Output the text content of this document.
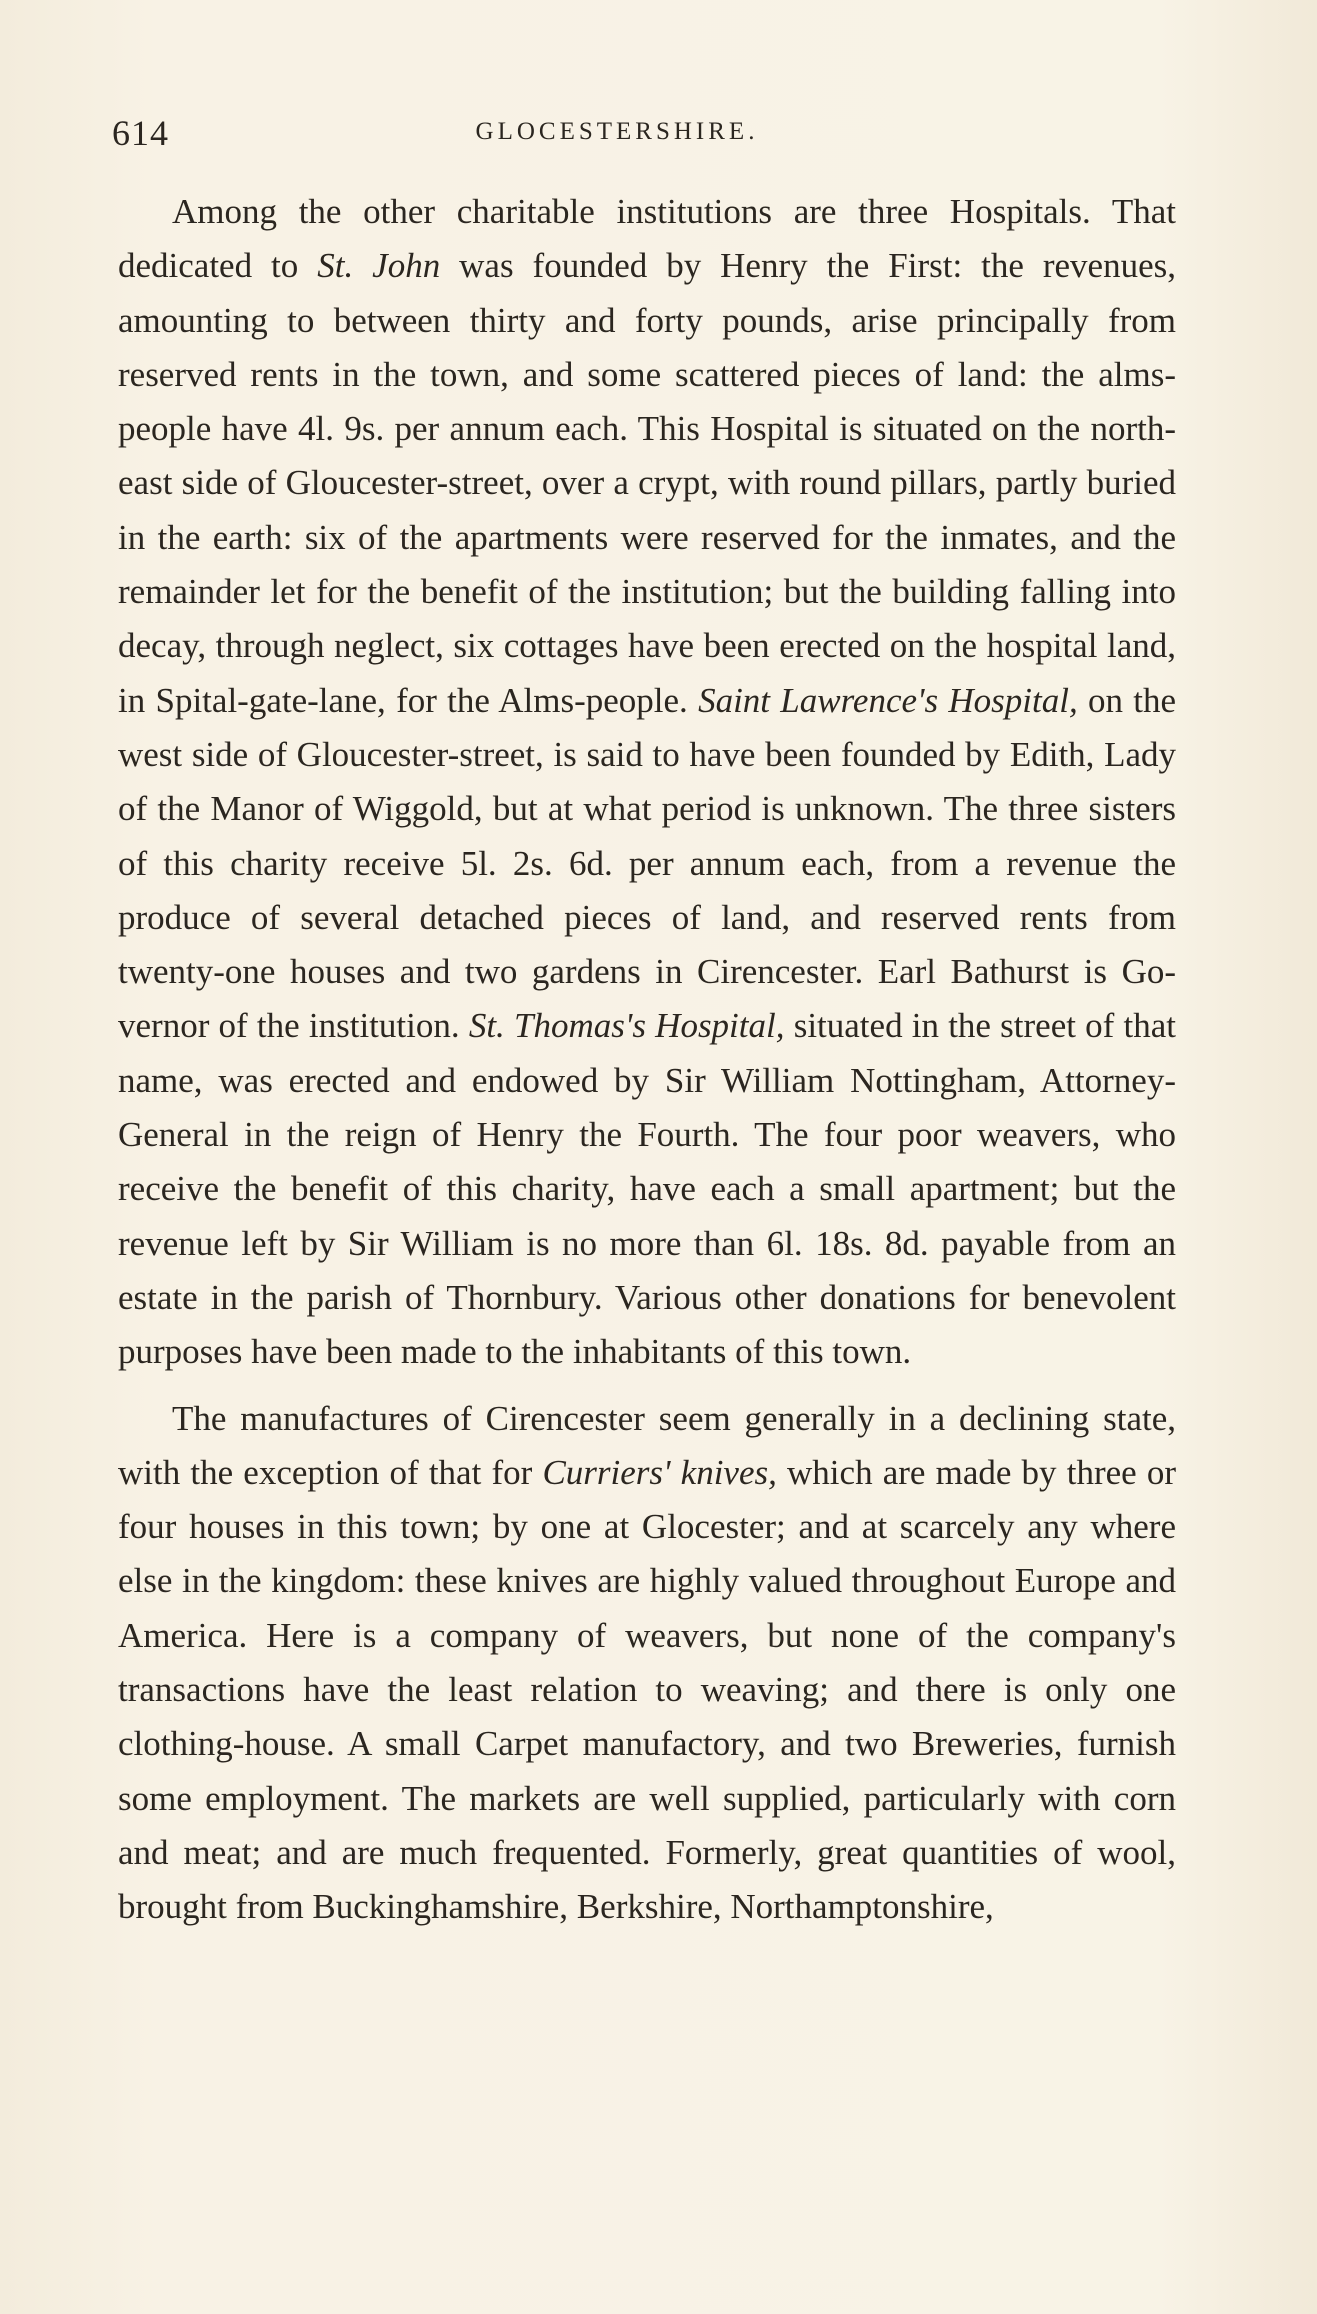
614	GLOCESTERSHIRE.

Among the other charitable institutions are three Hospitals. That dedicated to St. John was founded by Henry the First: the revenues, amounting to between thirty and forty pounds, arise principally from reserved rents in the town, and some scattered pieces of land: the alms-people have 4l. 9s. per annum each. This Hospital is situated on the north-east side of Gloucester-street, over a crypt, with round pillars, partly buried in the earth: six of the apartments were reserved for the inmates, and the remainder let for the benefit of the institution; but the building falling into decay, through neglect, six cottages have been erected on the hospital land, in Spital-gate-lane, for the Alms-people. Saint Lawrence's Hospital, on the west side of Gloucester-street, is said to have been founded by Edith, Lady of the Manor of Wiggold, but at what period is unknown. The three sisters of this charity receive 5l. 2s. 6d. per annum each, from a revenue the produce of several detached pieces of land, and reserved rents from twenty-one houses and two gardens in Cirencester. Earl Bathurst is Governor of the institution. St. Thomas's Hospital, situated in the street of that name, was erected and endowed by Sir William Nottingham, Attorney-General in the reign of Henry the Fourth. The four poor weavers, who receive the benefit of this charity, have each a small apartment; but the revenue left by Sir William is no more than 6l. 18s. 8d. payable from an estate in the parish of Thornbury. Various other donations for benevolent purposes have been made to the inhabitants of this town.

The manufactures of Cirencester seem generally in a declining state, with the exception of that for Curriers' knives, which are made by three or four houses in this town; by one at Glocester; and at scarcely any where else in the kingdom: these knives are highly valued throughout Europe and America. Here is a company of weavers, but none of the company's transactions have the least relation to weaving; and there is only one clothing-house. A small Carpet manufactory, and two Breweries, furnish some employment. The markets are well supplied, particularly with corn and meat; and are much frequented. Formerly, great quantities of wool, brought from Buckinghamshire, Berkshire, Northamptonshire,
